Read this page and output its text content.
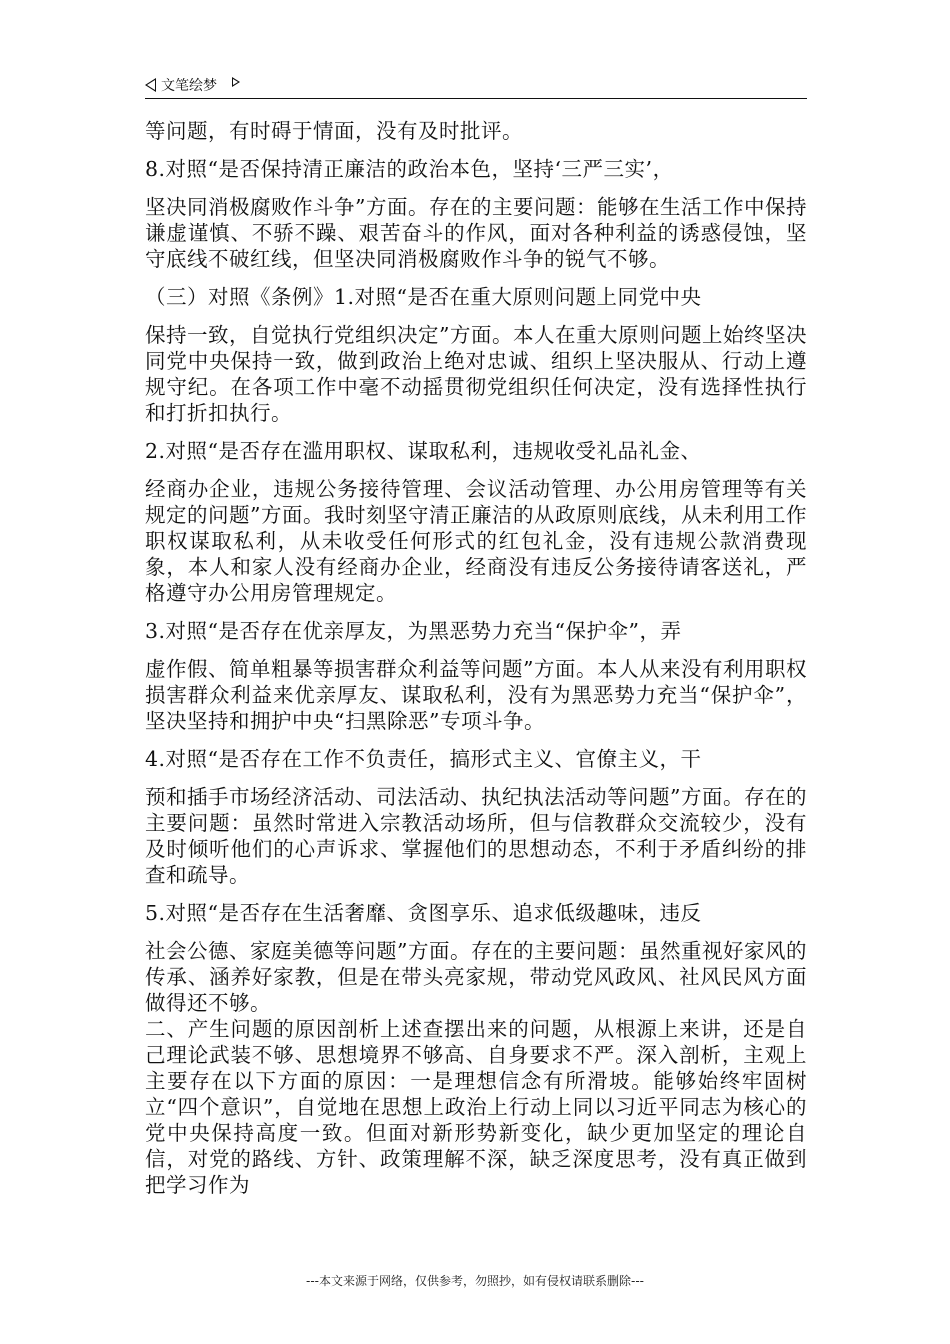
文笔绘梦

等问题，有时碍于情面，没有及时批评。

8.对照“是否保持清正廉洁的政治本色，坚持‘三严三实’，

坚决同消极腐败作斗争”方面。存在的主要问题：能够在生活工作中保持谦虚谨慎、不骄不躁、艰苦奋斗的作风，面对各种利益的诱惑侵蚀，坚守底线不破红线，但坚决同消极腐败作斗争的锐气不够。

（三）对照《条例》1.对照“是否在重大原则问题上同党中央

保持一致，自觉执行党组织决定”方面。本人在重大原则问题上始终坚决同党中央保持一致，做到政治上绝对忠诚、组织上坚决服从、行动上遵规守纪。在各项工作中毫不动摇贯彻党组织任何决定，没有选择性执行和打折扣执行。

2.对照“是否存在滥用职权、谋取私利，违规收受礼品礼金、

经商办企业，违规公务接待管理、会议活动管理、办公用房管理等有关规定的问题”方面。我时刻坚守清正廉洁的从政原则底线，从未利用工作职权谋取私利，从未收受任何形式的红包礼金，没有违规公款消费现象，本人和家人没有经商办企业，经商没有违反公务接待请客送礼，严格遵守办公用房管理规定。

3.对照“是否存在优亲厚友，为黑恶势力充当“保护伞”，弄

虚作假、简单粗暴等损害群众利益等问题”方面。本人从来没有利用职权损害群众利益来优亲厚友、谋取私利，没有为黑恶势力充当“保护伞”，坚决坚持和拥护中央“扫黑除恶”专项斗争。

4.对照“是否存在工作不负责任，搞形式主义、官僚主义，干

预和插手市场经济活动、司法活动、执纪执法活动等问题”方面。存在的主要问题：虽然时常进入宗教活动场所，但与信教群众交流较少，没有及时倾听他们的心声诉求、掌握他们的思想动态，不利于矛盾纠纷的排查和疏导。

5.对照“是否存在生活奢靡、贪图享乐、追求低级趣味，违反

社会公德、家庭美德等问题”方面。存在的主要问题：虽然重视好家风的传承、涵养好家教，但是在带头亮家规，带动党风政风、社风民风方面做得还不够。

二、产生问题的原因剖析上述查摆出来的问题，从根源上来讲，还是自己理论武装不够、思想境界不够高、自身要求不严。深入剖析，主观上主要存在以下方面的原因：一是理想信念有所滑坡。能够始终牢固树立“四个意识”，自觉地在思想上政治上行动上同以习近平同志为核心的党中央保持高度一致。但面对新形势新变化，缺少更加坚定的理论自信，对党的路线、方针、政策理解不深，缺乏深度思考，没有真正做到把学习作为

---本文来源于网络，仅供参考，勿照抄，如有侵权请联系删除---
